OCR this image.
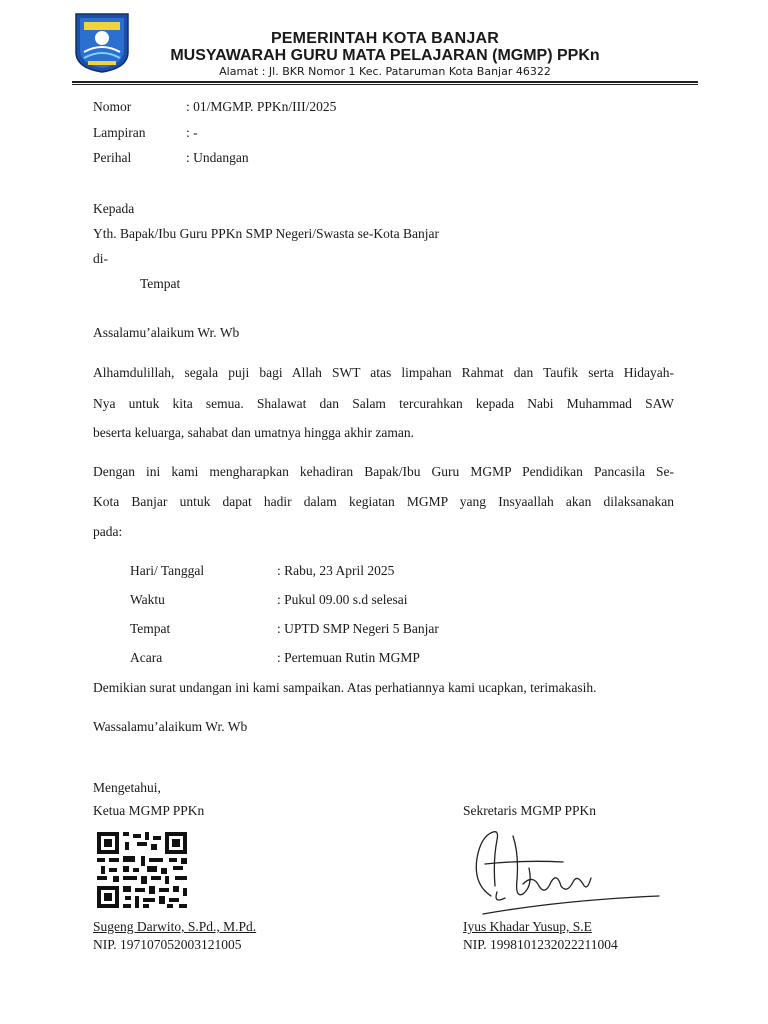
PEMERINTAH KOTA BANJAR
MUSYAWARAH GURU MATA PELAJARAN (MGMP) PPKn
Alamat : Jl. BKR Nomor 1 Kec. Pataruman Kota Banjar 46322
Nomor	: 01/MGMP. PPKn/III/2025
Lampiran	: -
Perihal	: Undangan
Kepada
Yth. Bapak/Ibu Guru PPKn SMP Negeri/Swasta se-Kota Banjar
di-
Tempat
Assalamu’alaikum Wr. Wb
Alhamdulillah, segala puji bagi Allah SWT atas limpahan Rahmat dan Taufik serta Hidayah-
Nya untuk kita semua. Shalawat dan Salam tercurahkan kepada Nabi Muhammad SAW
beserta keluarga, sahabat dan umatnya hingga akhir zaman.
Dengan ini kami mengharapkan kehadiran Bapak/Ibu Guru MGMP Pendidikan Pancasila Se-
Kota Banjar untuk dapat hadir dalam kegiatan MGMP yang Insyaallah akan dilaksanakan
pada:
Hari/ Tanggal	: Rabu, 23 April 2025
Waktu	: Pukul 09.00 s.d selesai
Tempat	: UPTD SMP Negeri 5 Banjar
Acara	: Pertemuan Rutin MGMP
Demikian surat undangan ini kami sampaikan. Atas perhatiannya kami ucapkan, terimakasih.
Wassalamu’alaikum Wr. Wb
Mengetahui,
Ketua MGMP PPKn	Sekretaris MGMP PPKn
Sugeng Darwito, S.Pd., M.Pd.
NIP. 197107052003121005
Iyus Khadar Yusup, S.E
NIP. 1998101232022211004
